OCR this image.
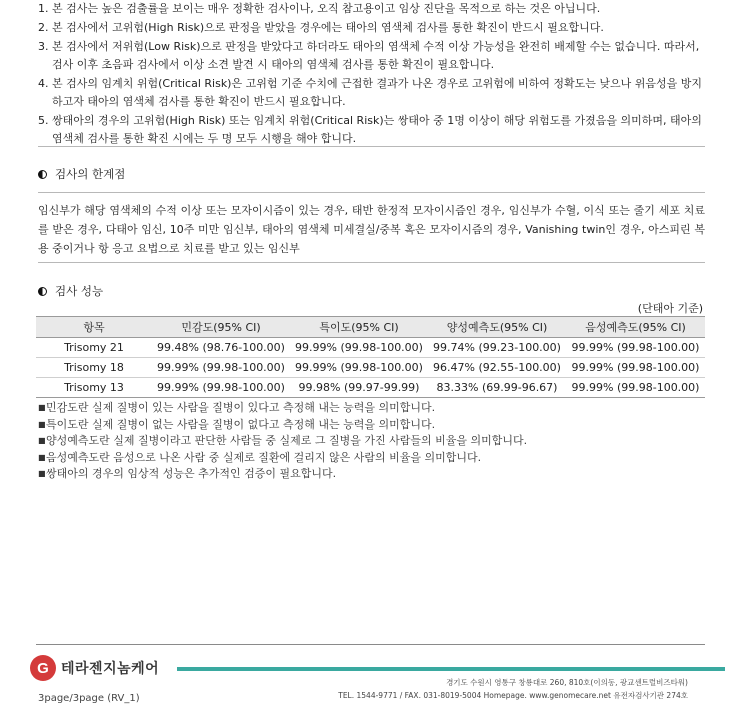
1. 본 검사는 높은 검출률을 보이는 매우 정확한 검사이나, 오직 참고용이고 임상 진단을 목적으로 하는 것은 아닙니다.
2. 본 검사에서 고위험(High Risk)으로 판정을 받았을 경우에는 태아의 염색체 검사를 통한 확진이 반드시 필요합니다.
3. 본 검사에서 저위험(Low Risk)으로 판정을 받았다고 하더라도 태아의 염색체 수적 이상 가능성을 완전히 배제할 수는 없습니다. 따라서, 검사 이후 초음파 검사에서 이상 소견 발견 시 태아의 염색체 검사를 통한 확진이 필요합니다.
4. 본 검사의 임계치 위험(Critical Risk)은 고위험 기준 수치에 근접한 결과가 나온 경우로 고위험에 비하여 정확도는 낮으나 위음성을 방지하고자 태아의 염색체 검사를 통한 확진이 반드시 필요합니다.
5. 쌍태아의 경우의 고위험(High Risk) 또는 임계치 위험(Critical Risk)는 쌍태아 중 1명 이상이 해당 위험도를 가졌음을 의미하며, 태아의 염색체 검사를 통한 확진 시에는 두 명 모두 시행을 해야 합니다.
검사의 한계점
임신부가 해당 염색체의 수적 이상 또는 모자이시즘이 있는 경우, 태반 한정적 모자이시즘인 경우, 임신부가 수혈, 이식 또는 줄기 세포 치료를 받은 경우, 다태아 임신, 10주 미만 임신부, 태아의 염색체 미세결실/중복 혹은 모자이시즘의 경우, Vanishing twin인 경우, 아스피린 복용 중이거나 항 응고 요법으로 치료를 받고 있는 임신부
검사 성능
(단태아 기준)
항목	민감도(95% CI)	특이도(95% CI)	양성예측도(95% CI)	음성예측도(95% CI)
Trisomy 21	99.48% (98.76-100.00)	99.99% (99.98-100.00)	99.74% (99.23-100.00)	99.99% (99.98-100.00)
Trisomy 18	99.99% (99.98-100.00)	99.99% (99.98-100.00)	96.47% (92.55-100.00)	99.99% (99.98-100.00)
Trisomy 13	99.99% (99.98-100.00)	99.98% (99.97-99.99)	83.33% (69.99-96.67)	99.99% (99.98-100.00)
■ 민감도란 실제 질병이 있는 사람을 질병이 있다고 측정해 내는 능력을 의미합니다.
■ 특이도란 실제 질병이 없는 사람을 질병이 없다고 측정해 내는 능력을 의미합니다.
■ 양성예측도란 실제 질병이라고 판단한 사람들 중 실제로 그 질병을 가진 사람들의 비율을 의미합니다.
■ 음성예측도란 음성으로 나온 사람 중 실제로 질환에 걸리지 않은 사람의 비율을 의미합니다.
■ 쌍태아의 경우의 임상적 성능은 추가적인 검증이 필요합니다.
G 테라젠지놈케어
경기도 수원시 영통구 창룡대로 260, 810호(이의동, 광교센트럴비즈타워)
TEL. 1544-9771 / FAX. 031-8019-5004 Homepage. www.genomecare.net 유전자검사기관 274호
3page/3page (RV_1)
